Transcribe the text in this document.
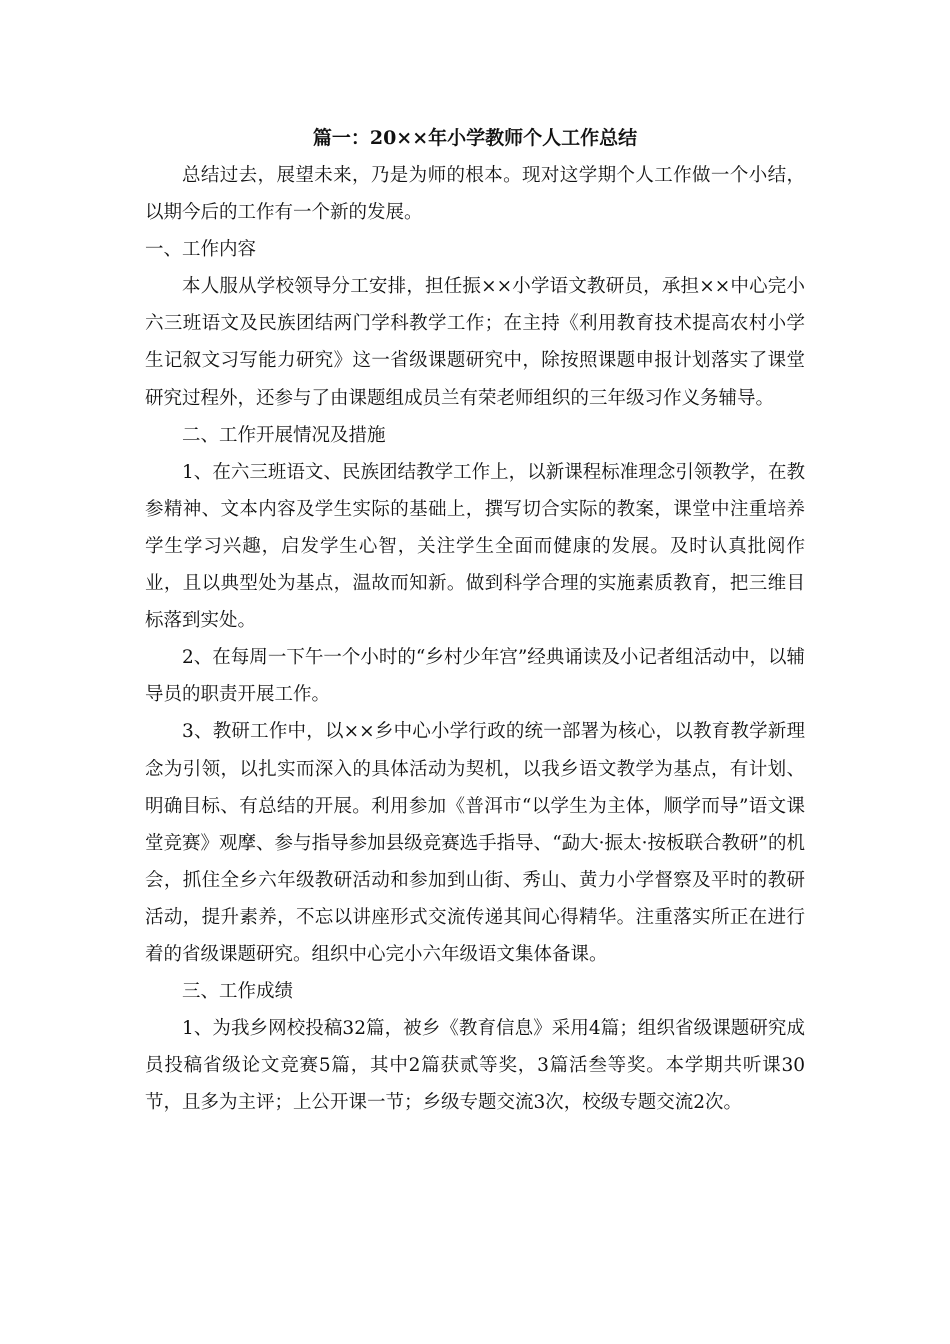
篇一：20××年小学教师个人工作总结

总结过去，展望未来，乃是为师的根本。现对这学期个人工作做一个小结，以期今后的工作有一个新的发展。

一、工作内容

本人服从学校领导分工安排，担任振××小学语文教研员，承担××中心完小六三班语文及民族团结两门学科教学工作；在主持《利用教育技术提高农村小学生记叙文习写能力研究》这一省级课题研究中，除按照课题申报计划落实了课堂研究过程外，还参与了由课题组成员兰有荣老师组织的三年级习作义务辅导。

二、工作开展情况及措施

1、在六三班语文、民族团结教学工作上，以新课程标准理念引领教学，在教参精神、文本内容及学生实际的基础上，撰写切合实际的教案，课堂中注重培养学生学习兴趣，启发学生心智，关注学生全面而健康的发展。及时认真批阅作业，且以典型处为基点，温故而知新。做到科学合理的实施素质教育，把三维目标落到实处。

2、在每周一下午一个小时的“乡村少年宫”经典诵读及小记者组活动中，以辅导员的职责开展工作。

3、教研工作中，以××乡中心小学行政的统一部署为核心，以教育教学新理念为引领，以扎实而深入的具体活动为契机，以我乡语文教学为基点，有计划、明确目标、有总结的开展。利用参加《普洱市“以学生为主体，顺学而导”语文课堂竞赛》观摩、参与指导参加县级竞赛选手指导、“勐大·振太·按板联合教研”的机会，抓住全乡六年级教研活动和参加到山街、秀山、黄力小学督察及平时的教研活动，提升素养，不忘以讲座形式交流传递其间心得精华。注重落实所正在进行着的省级课题研究。组织中心完小六年级语文集体备课。

三、工作成绩

1、为我乡网校投稿32篇，被乡《教育信息》采用4篇；组织省级课题研究成员投稿省级论文竞赛5篇，其中2篇获贰等奖，3篇活叁等奖。本学期共听课30节，且多为主评；上公开课一节；乡级专题交流3次，校级专题交流2次。
